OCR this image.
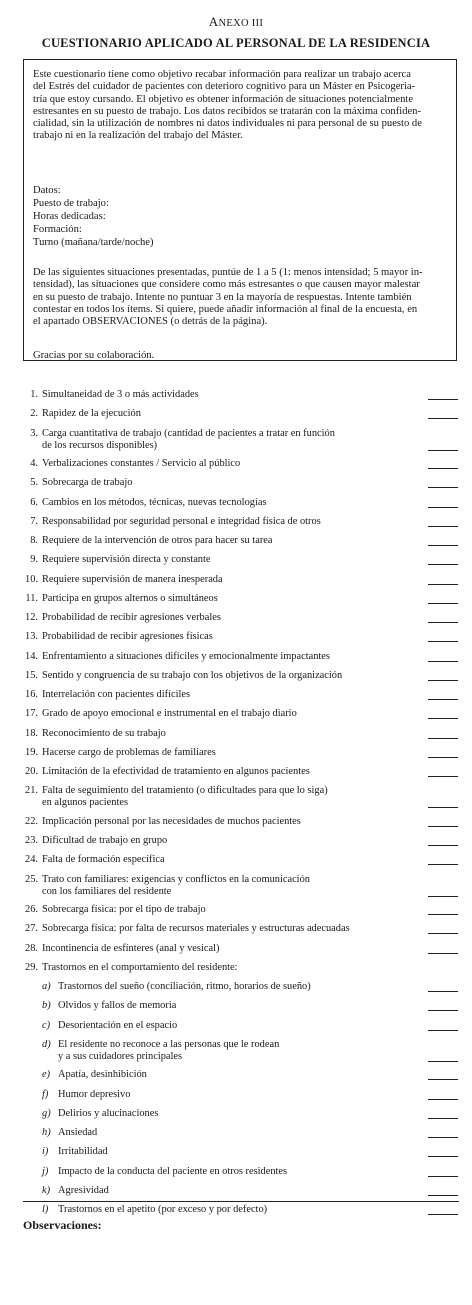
ANEXO III
CUESTIONARIO APLICADO AL PERSONAL DE LA RESIDENCIA
Este cuestionario tiene como objetivo recabar información para realizar un trabajo acerca
del Estrés del cuidador de pacientes con deterioro cognitivo para un Máster en Psicogeria-
tría que estoy cursando. El objetivo es obtener información de situaciones potencialmente
estresantes en su puesto de trabajo. Los datos recibidos se tratarán con la máxima confiden-
cialidad, sin la utilización de nombres ni datos individuales ni para personal de su puesto de
trabajo ni en la realización del trabajo del Máster.
Datos:
Puesto de trabajo:
Horas dedicadas:
Formación:
Turno (mañana/tarde/noche)
De las siguientes situaciones presentadas, puntúe de 1 a 5 (1: menos intensidad; 5 mayor in-
tensidad), las situaciones que considere como más estresantes o que causen mayor malestar
en su puesto de trabajo. Intente no puntuar 3 en la mayoría de respuestas. Intente también
contestar en todos los ítems. Si quiere, puede añadir información al final de la encuesta, en
el apartado OBSERVACIONES (o detrás de la página).
Gracias por su colaboración.
1. Simultaneidad de 3 o más actividades
2. Rapidez de la ejecución
3. Carga cuantitativa de trabajo (cantidad de pacientes a tratar en función
de los recursos disponibles)
4. Verbalizaciones constantes / Servicio al público
5. Sobrecarga de trabajo
6. Cambios en los métodos, técnicas, nuevas tecnologías
7. Responsabilidad por seguridad personal e integridad física de otros
8. Requiere de la intervención de otros para hacer su tarea
9. Requiere supervisión directa y constante
10. Requiere supervisión de manera inesperada
11. Participa en grupos alternos o simultáneos
12. Probabilidad de recibir agresiones verbales
13. Probabilidad de recibir agresiones físicas
14. Enfrentamiento a situaciones difíciles y emocionalmente impactantes
15. Sentido y congruencia de su trabajo con los objetivos de la organización
16. Interrelación con pacientes difíciles
17. Grado de apoyo emocional e instrumental en el trabajo diario
18. Reconocimiento de su trabajo
19. Hacerse cargo de problemas de familiares
20. Limitación de la efectividad de tratamiento en algunos pacientes
21. Falta de seguimiento del tratamiento (o dificultades para que lo siga)
en algunos pacientes
22. Implicación personal por las necesidades de muchos pacientes
23. Dificultad de trabajo en grupo
24. Falta de formación específica
25. Trato con familiares: exigencias y conflictos en la comunicación
con los familiares del residente
26. Sobrecarga física: por el tipo de trabajo
27. Sobrecarga física: por falta de recursos materiales y estructuras adecuadas
28. Incontinencia de esfínteres (anal y vesical)
29. Trastornos en el comportamiento del residente:
a) Trastornos del sueño (conciliación, ritmo, horarios de sueño)
b) Olvidos y fallos de memoria
c) Desorientación en el espacio
d) El residente no reconoce a las personas que le rodean
y a sus cuidadores principales
e) Apatía, desinhibición
f) Humor depresivo
g) Delirios y alucinaciones
h) Ansiedad
i) Irritabilidad
j) Impacto de la conducta del paciente en otros residentes
k) Agresividad
l) Trastornos en el apetito (por exceso y por defecto)
Observaciones:
